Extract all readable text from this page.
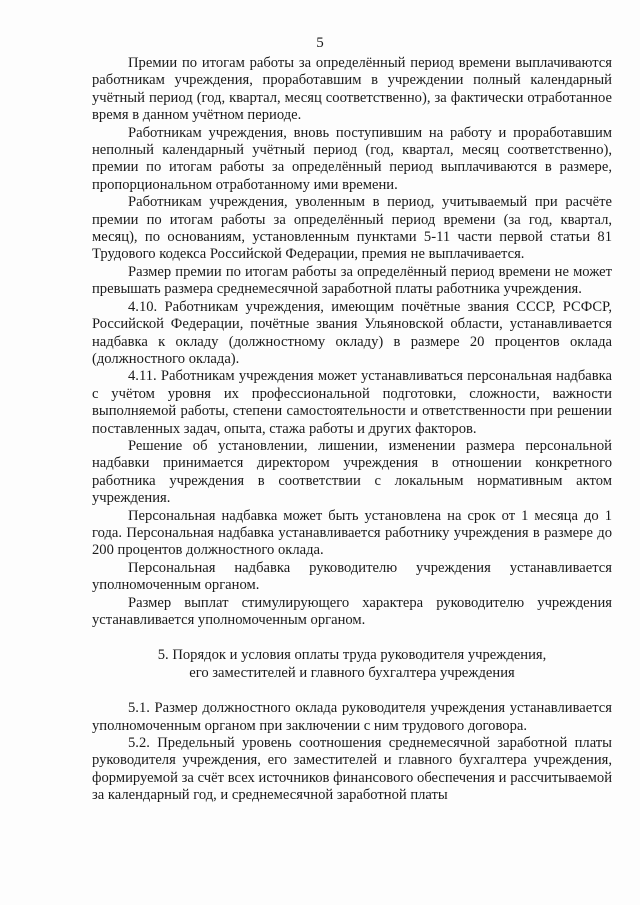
5

Премии по итогам работы за определённый период времени выплачиваются работникам учреждения, проработавшим в учреждении полный календарный учётный период (год, квартал, месяц соответственно), за фактически отработанное время в данном учётном периоде.

Работникам учреждения, вновь поступившим на работу и проработавшим неполный календарный учётный период (год, квартал, месяц соответственно), премии по итогам работы за определённый период выплачиваются в размере, пропорциональном отработанному ими времени.

Работникам учреждения, уволенным в период, учитываемый при расчёте премии по итогам работы за определённый период времени (за год, квартал, месяц), по основаниям, установленным пунктами 5-11 части первой статьи 81 Трудового кодекса Российской Федерации, премия не выплачивается.

Размер премии по итогам работы за определённый период времени не может превышать размера среднемесячной заработной платы работника учреждения.

4.10. Работникам учреждения, имеющим почётные звания СССР, РСФСР, Российской Федерации, почётные звания Ульяновской области, устанавливается надбавка к окладу (должностному окладу) в размере 20 процентов оклада (должностного оклада).

4.11. Работникам учреждения может устанавливаться персональная надбавка с учётом уровня их профессиональной подготовки, сложности, важности выполняемой работы, степени самостоятельности и ответственности при решении поставленных задач, опыта, стажа работы и других факторов.

Решение об установлении, лишении, изменении размера персональной надбавки принимается директором учреждения в отношении конкретного работника учреждения в соответствии с локальным нормативным актом учреждения.

Персональная надбавка может быть установлена на срок от 1 месяца до 1 года. Персональная надбавка устанавливается работнику учреждения в размере до 200 процентов должностного оклада.

Персональная надбавка руководителю учреждения устанавливается уполномоченным органом.

Размер выплат стимулирующего характера руководителю учреждения устанавливается уполномоченным органом.

5. Порядок и условия оплаты труда руководителя учреждения,
его заместителей и главного бухгалтера учреждения

5.1. Размер должностного оклада руководителя учреждения устанавливается уполномоченным органом при заключении с ним трудового договора.

5.2. Предельный уровень соотношения среднемесячной заработной платы руководителя учреждения, его заместителей и главного бухгалтера учреждения, формируемой за счёт всех источников финансового обеспечения и рассчитываемой за календарный год, и среднемесячной заработной платы
